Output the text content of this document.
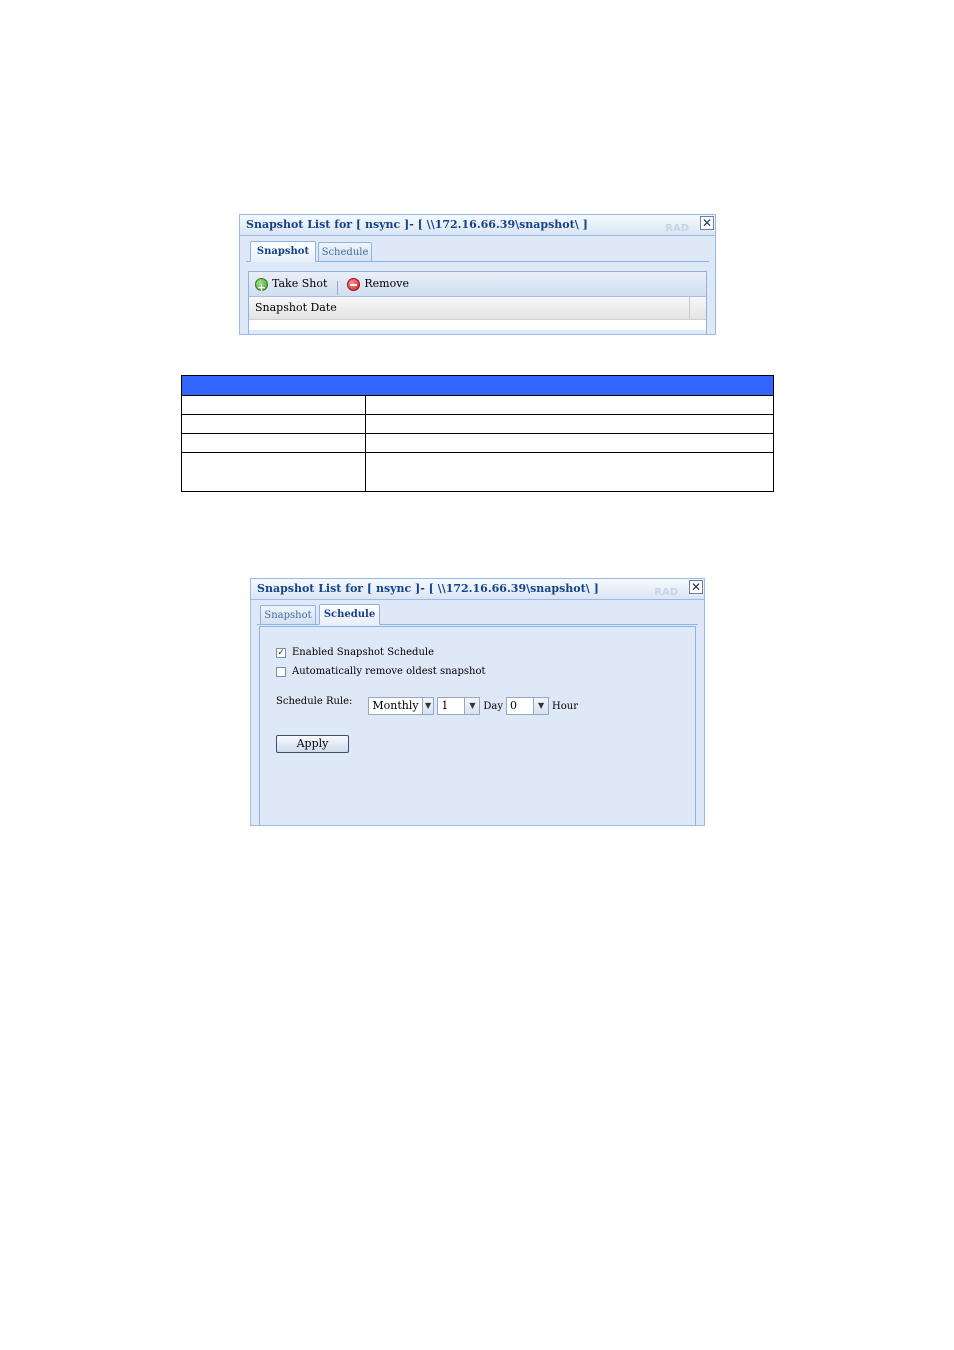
Snapshot List for [ nsync ]- [ \\172.16.66.39\snapshot\ ]	RAD ✕
Snapshot	Schedule
+
Take Shot
	Remove
Snapshot Date

Snapshot List for [ nsync ]- [ \\172.16.66.39\snapshot\ ]	RAD ✕
Snapshot	Schedule
✓ Enabled Snapshot Schedule
Automatically remove oldest snapshot
Schedule Rule: Monthly ▼ 1	▼ Day 0	▼ Hour
Apply
